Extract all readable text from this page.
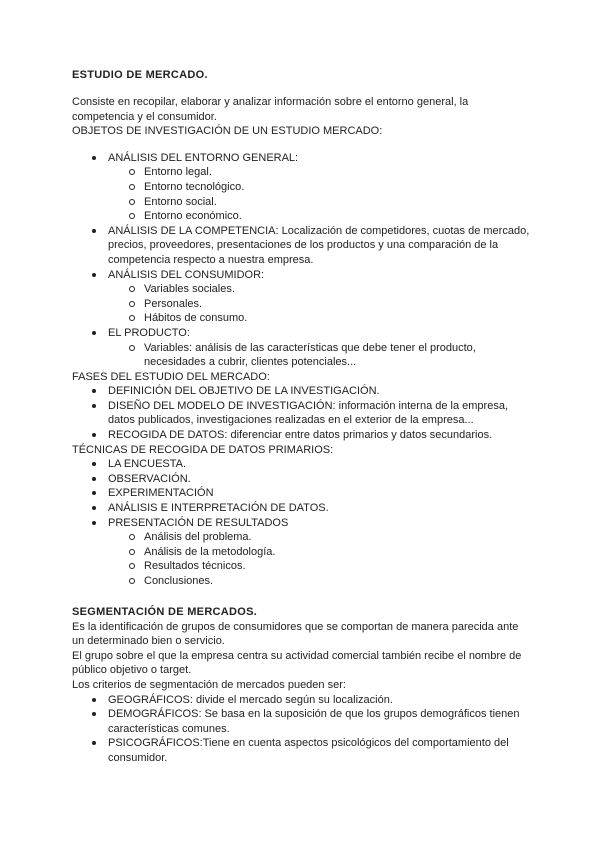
ESTUDIO DE MERCADO.

Consiste en recopilar, elaborar y analizar información sobre el entorno general, la competencia y el consumidor.

OBJETOS DE INVESTIGACIÓN DE UN ESTUDIO MERCADO:

ANÁLISIS DEL ENTORNO GENERAL:
Entorno legal.
Entorno tecnológico.
Entorno social.
Entorno económico.
ANÁLISIS DE LA COMPETENCIA: Localización de competidores, cuotas de mercado, precios, proveedores, presentaciones de los productos y una comparación de la competencia respecto a nuestra empresa.
ANÁLISIS DEL CONSUMIDOR:
Variables sociales.
Personales.
Hábitos de consumo.
EL PRODUCTO:
Variables: análisis de las características que debe tener el producto, necesidades a cubrir, clientes potenciales...

FASES DEL ESTUDIO DEL MERCADO:

DEFINICIÓN DEL OBJETIVO DE LA INVESTIGACIÓN.
DISEÑO DEL MODELO DE INVESTIGACIÓN: información interna de la empresa, datos publicados, investigaciones realizadas en el exterior de la empresa...
RECOGIDA DE DATOS: diferenciar entre datos primarios y datos secundarios.

TÉCNICAS DE RECOGIDA DE DATOS PRIMARIOS:

LA ENCUESTA.
OBSERVACIÓN.
EXPERIMENTACIÓN
ANÁLISIS E INTERPRETACIÓN DE DATOS.
PRESENTACIÓN DE RESULTADOS
Análisis del problema.
Análisis de la metodología.
Resultados técnicos.
Conclusiones.

SEGMENTACIÓN DE MERCADOS.

Es la identificación de grupos de consumidores que se comportan de manera parecida ante un determinado bien o servicio.

El grupo sobre el que la empresa centra su actividad comercial también recibe el nombre de público objetivo o target.

Los criterios de segmentación de mercados pueden ser:

GEOGRÁFICOS: divide el mercado según su localización.
DEMOGRÁFICOS: Se basa en la suposición de que los grupos demográficos tienen características comunes.
PSICOGRÁFICOS:Tiene en cuenta aspectos psicológicos del comportamiento del consumidor.
